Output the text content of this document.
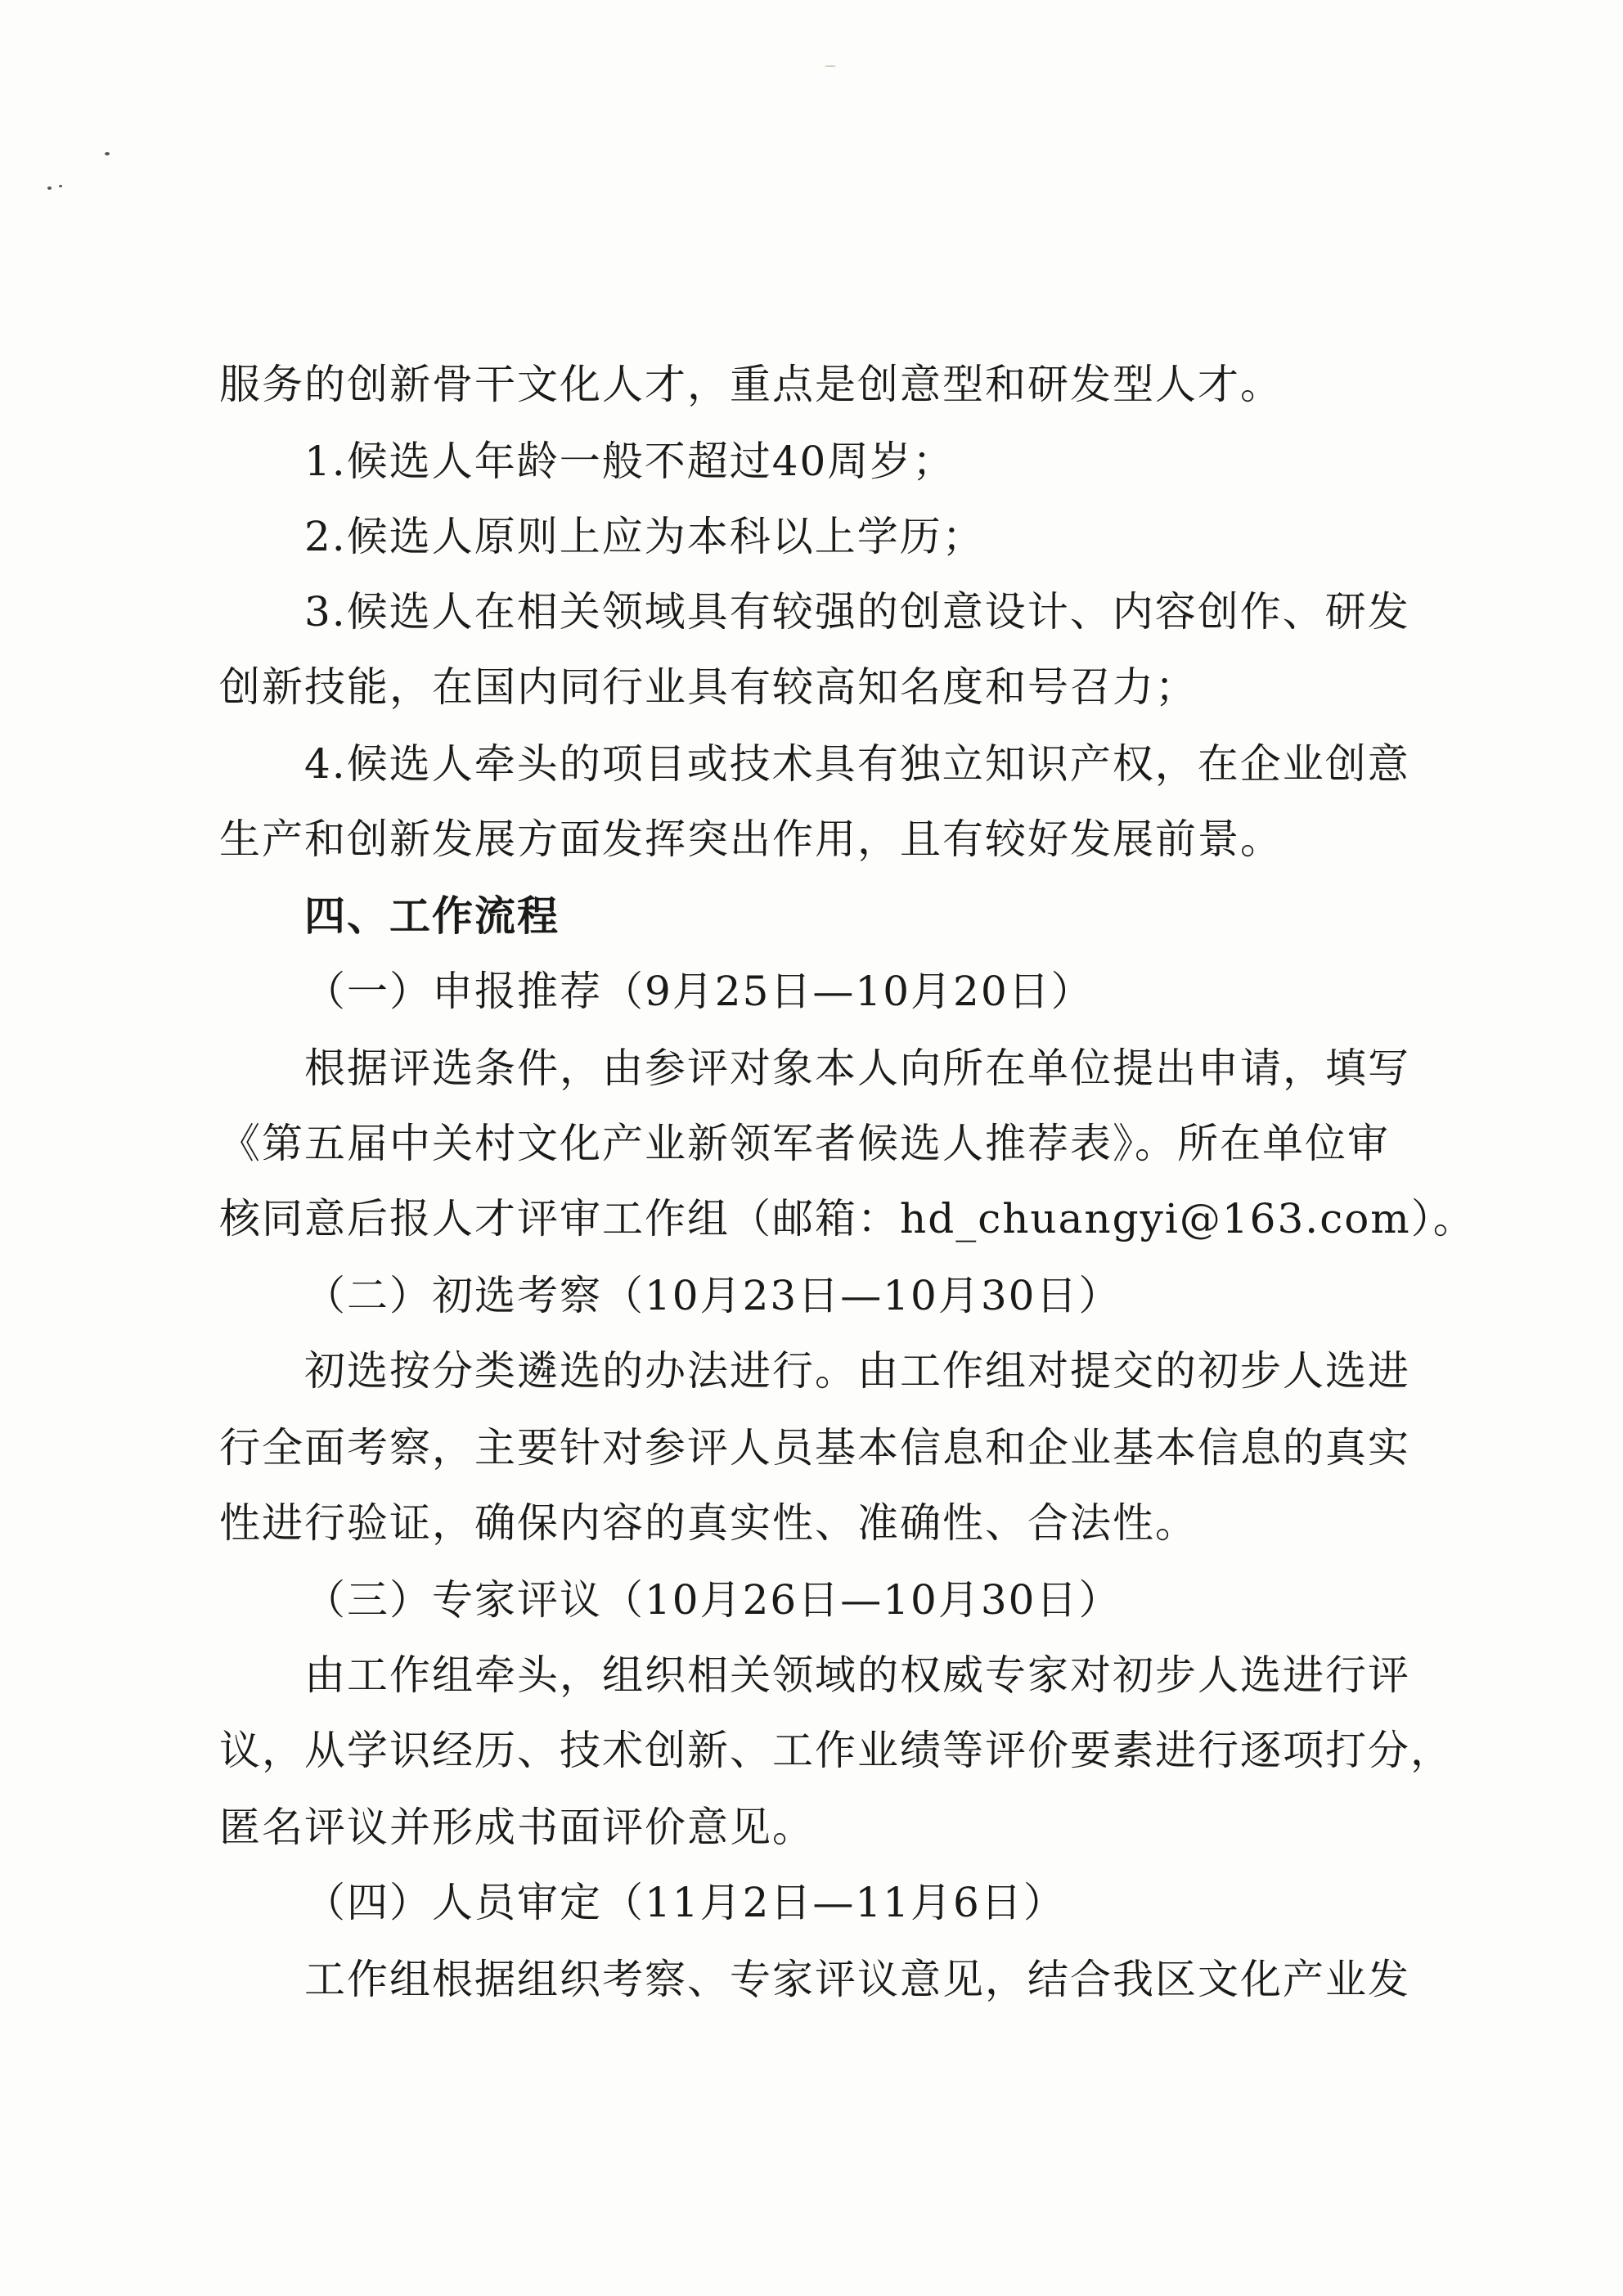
服务的创新骨干文化人才，重点是创意型和研发型人才。
1.候选人年龄一般不超过40周岁；
2.候选人原则上应为本科以上学历；
3.候选人在相关领域具有较强的创意设计、内容创作、研发
创新技能，在国内同行业具有较高知名度和号召力；
4.候选人牵头的项目或技术具有独立知识产权，在企业创意
生产和创新发展方面发挥突出作用，且有较好发展前景。
四、工作流程
（一）申报推荐（9月25日—10月20日）
根据评选条件，由参评对象本人向所在单位提出申请，填写
《第五届中关村文化产业新领军者候选人推荐表》。所在单位审
核同意后报人才评审工作组（邮箱：hd_chuangyi@163.com）。
（二）初选考察（10月23日—10月30日）
初选按分类遴选的办法进行。由工作组对提交的初步人选进
行全面考察，主要针对参评人员基本信息和企业基本信息的真实
性进行验证，确保内容的真实性、准确性、合法性。
（三）专家评议（10月26日—10月30日）
由工作组牵头，组织相关领域的权威专家对初步人选进行评
议，从学识经历、技术创新、工作业绩等评价要素进行逐项打分，
匿名评议并形成书面评价意见。
（四）人员审定（11月2日—11月6日）
工作组根据组织考察、专家评议意见，结合我区文化产业发
